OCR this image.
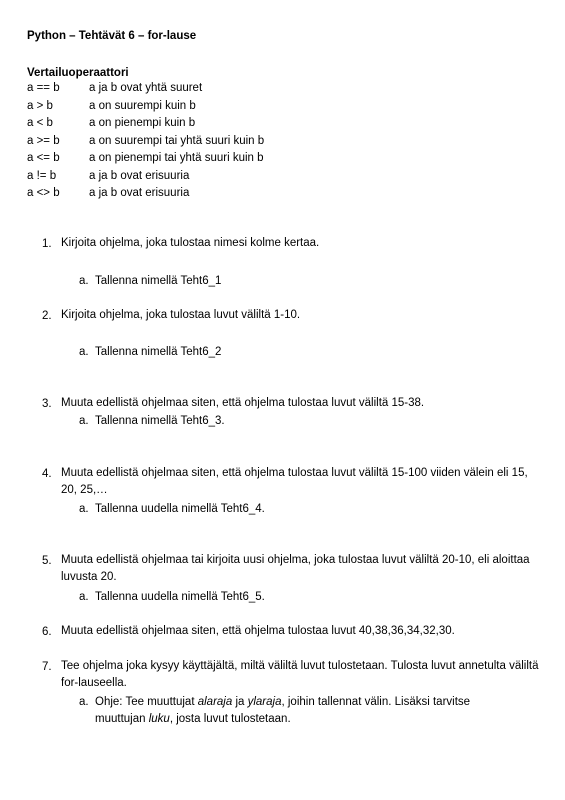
Python – Tehtävät 6 – for-lause
Vertailuoperaattori
a == b	a ja b ovat yhtä suuret
a > b	a on suurempi kuin b
a < b	a on pienempi kuin b
a >= b	a on suurempi tai yhtä suuri kuin b
a <= b	a on pienempi tai yhtä suuri kuin b
a != b	a ja b ovat erisuuria
a <> b	a ja b ovat erisuuria
1. Kirjoita ohjelma, joka tulostaa nimesi kolme kertaa.
a. Tallenna nimellä Teht6_1
2. Kirjoita ohjelma, joka tulostaa luvut väliltä 1-10.
a. Tallenna nimellä Teht6_2
3. Muuta edellistä ohjelmaa siten, että ohjelma tulostaa luvut väliltä 15-38.
a. Tallenna nimellä Teht6_3.
4. Muuta edellistä ohjelmaa siten, että ohjelma tulostaa luvut väliltä 15-100 viiden välein eli 15, 20, 25,…
a. Tallenna uudella nimellä Teht6_4.
5. Muuta edellistä ohjelmaa tai kirjoita uusi ohjelma, joka tulostaa luvut väliltä 20-10, eli aloittaa luvusta 20.
a. Tallenna uudella nimellä Teht6_5.
6. Muuta edellistä ohjelmaa siten, että ohjelma tulostaa luvut 40,38,36,34,32,30.
7. Tee ohjelma joka kysyy käyttäjältä, miltä väliltä luvut tulostetaan. Tulosta luvut annetulta väliltä for-lauseella.
a. Ohje: Tee muuttujat alaraja ja ylaraja, joihin tallennat välin. Lisäksi tarvitse
muuttujan luku, josta luvut tulostetaan.
